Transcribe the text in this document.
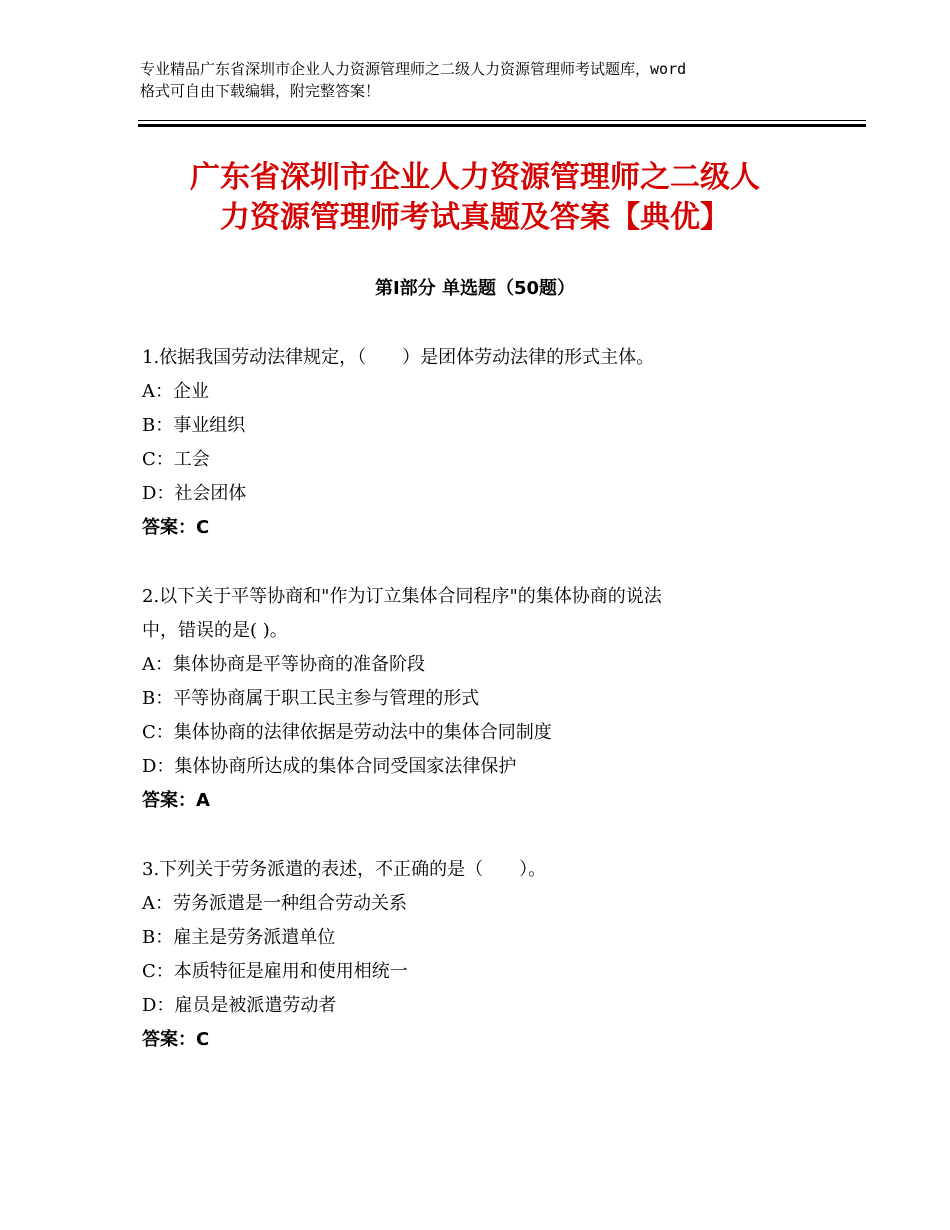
专业精品广东省深圳市企业人力资源管理师之二级人力资源管理师考试题库，word
格式可自由下载编辑，附完整答案！
广东省深圳市企业人力资源管理师之二级人
力资源管理师考试真题及答案【典优】
第Ⅰ部分 单选题（50题）
1.依据我国劳动法律规定，（　　）是团体劳动法律的形式主体。
A：企业
B：事业组织
C：工会
D：社会团体
答案：C
2.以下关于平等协商和"作为订立集体合同程序"的集体协商的说法
中，错误的是( )。
A：集体协商是平等协商的准备阶段
B：平等协商属于职工民主参与管理的形式
C：集体协商的法律依据是劳动法中的集体合同制度
D：集体协商所达成的集体合同受国家法律保护
答案：A
3.下列关于劳务派遣的表述，不正确的是（　　）。
A：劳务派遣是一种组合劳动关系
B：雇主是劳务派遣单位
C：本质特征是雇用和使用相统一
D：雇员是被派遣劳动者
答案：C
